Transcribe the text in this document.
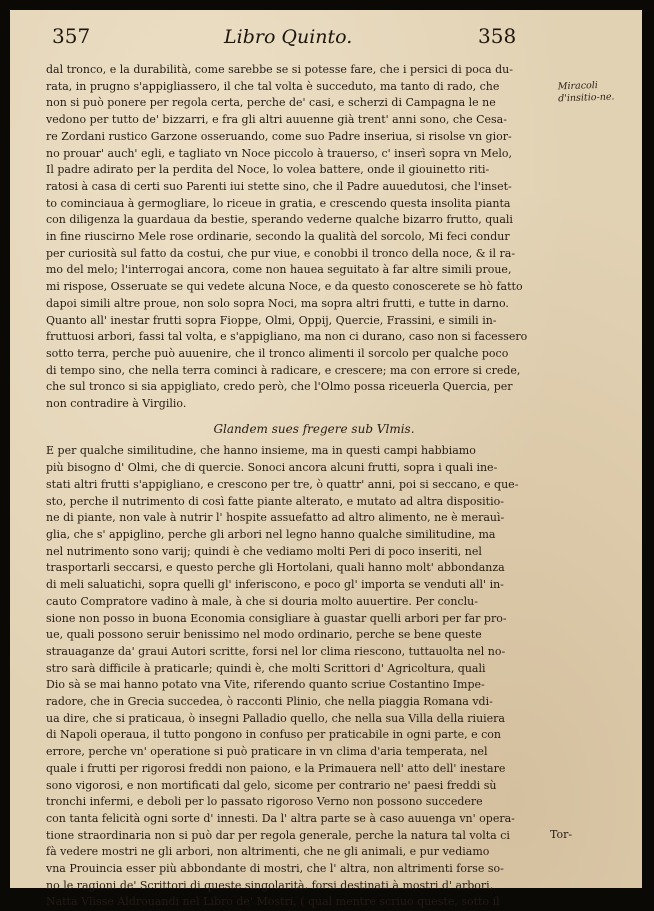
357	Libro Quinto.	358
Miracoli d'insitio-ne.
dal tronco, e la durabilità, come sarebbe se si potesse fare, che i persici di poca du-
rata, in prugno s'appigliassero, il che tal volta è succeduto, ma tanto di rado, che
non si può ponere per regola certa, perche de' casi, e scherzi di Campagna le ne
vedono per tutto de' bizzarri, e fra gli altri auuenne già trent' anni sono, che Cesa-
re Zordani rustico Garzone osseruando, come suo Padre inseriua, si risolse vn gior-
no prouar' auch' egli, e tagliato vn Noce piccolo à trauerso, c' inserì sopra vn Melo,
Il padre adirato per la perdita del Noce, lo volea battere, onde il giouinetto riti-
ratosi à casa di certi suo Parenti iui stette sino, che il Padre auuedutosi, che l'inset-
to cominciaua à germogliare, lo riceue in gratia, e crescendo questa insolita pianta
con diligenza la guardaua da bestie, sperando vederne qualche bizarro frutto, quali
in fine riuscirno Mele rose ordinarie, secondo la qualità del sorcolo, Mi feci condur
per curiosità sul fatto da costui, che pur viue, e conobbi il tronco della noce, & il ra-
mo del melo; l'interrogai ancora, come non hauea seguitato à far altre simili proue,
mi rispose, Osseruate se qui vedete alcuna Noce, e da questo conoscerete se hò fatto
dapoi simili altre proue, non solo sopra Noci, ma sopra altri frutti, e tutte in darno.
Quanto all' inestar frutti sopra Fioppe, Olmi, Oppij, Quercie, Frassini, e simili in-
fruttuosi arbori, fassi tal volta, e s'appigliano, ma non ci durano, caso non si facessero
sotto terra, perche può auuenire, che il tronco alimenti il sorcolo per qualche poco
di tempo sino, che nella terra cominci à radicare, e crescere; ma con errore si crede,
che sul tronco si sia appigliato, credo però, che l'Olmo possa riceuerla Quercia, per
non contradire à Virgilio.
Glandem sues fregere sub Vlmis.
E per qualche similitudine, che hanno insieme, ma in questi campi habbiamo
più bisogno d' Olmi, che di quercie. Sonoci ancora alcuni frutti, sopra i quali ine-
stati altri frutti s'appigliano, e crescono per tre, ò quattr' anni, poi si seccano, e que-
sto, perche il nutrimento di così fatte piante alterato, e mutato ad altra dispositio-
ne di piante, non vale à nutrir l' hospite assuefatto ad altro alimento, ne è merauì-
glia, che s' appiglino, perche gli arbori nel legno hanno qualche similitudine, ma
nel nutrimento sono varij; quindi è che vediamo molti Peri di poco inseriti, nel
trasportarli seccarsi, e questo perche gli Hortolani, quali hanno molt' abbondanza
di meli saluatichi, sopra quelli gl' inferiscono, e poco gl' importa se venduti all' in-
cauto Compratore vadino à male, à che si douria molto auuertire. Per conclu-
sione non posso in buona Economia consigliare à guastar quelli arbori per far pro-
ue, quali possono seruir benissimo nel modo ordinario, perche se bene queste
strauaganze da' graui Autori scritte, forsi nel lor clima riescono, tuttauolta nel no-
stro sarà difficile à praticarle; quindi è, che molti Scrittori d' Agricoltura, quali
Dio sà se mai hanno potato vna Vite, riferendo quanto scriue Costantino Impe-
radore, che in Grecia succedea, ò racconti Plinio, che nella piaggia Romana vdi-
ua dire, che si praticaua, ò insegni Palladio quello, che nella sua Villa della riuiera
di Napoli operaua, il tutto pongono in confuso per praticabile in ogni parte, e con
errore, perche vn' operatione si può praticare in vn clima d'aria temperata, nel
quale i frutti per rigorosi freddi non paiono, e la Primauera nell' atto dell' inestare
sono vigorosi, e non mortificati dal gelo, sicome per contrario ne' paesi freddi sù
tronchi infermi, e deboli per lo passato rigoroso Verno non possono succedere
con tanta felicità ogni sorte d' innesti. Da l' altra parte se à caso auuenga vn' opera-
tione straordinaria non si può dar per regola generale, perche la natura tal volta ci
fà vedere mostri ne gli arbori, non altrimenti, che ne gli animali, e pur vediamo
vna Prouincia esser più abbondante di mostri, che l' altra, non altrimenti forse so-
no le ragioni de' Scrittori di queste singolarità, forsi destinati à mostri d' arbori,
Natta Vlisse Aldrouandi nel Libro de' Mostri, ( qual mentre scriuo queste, sotto il
Tor-
